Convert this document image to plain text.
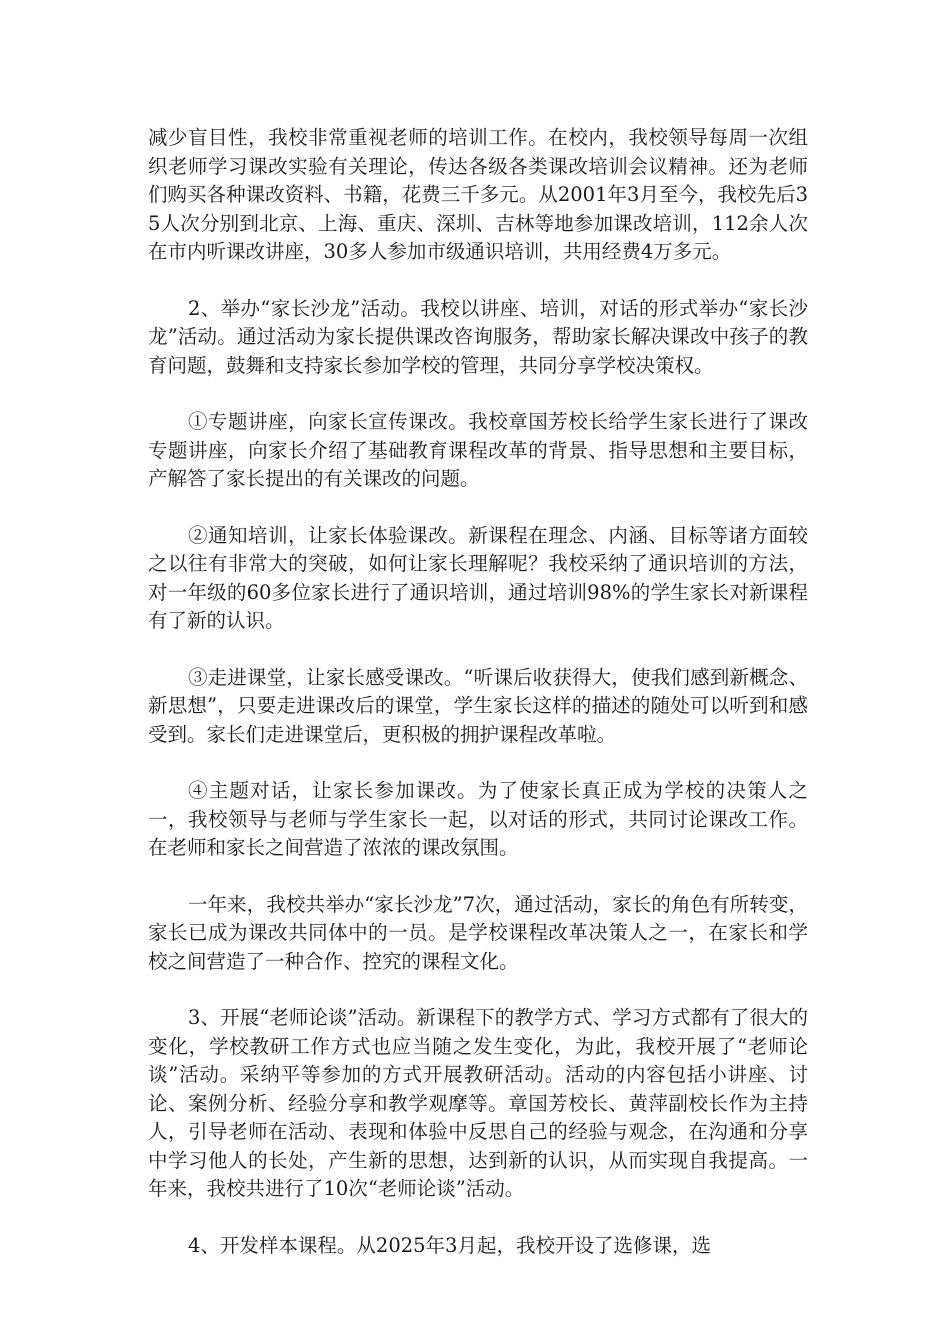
减少盲目性，我校非常重视老师的培训工作。在校内，我校领导每周一次组织老师学习课改实验有关理论，传达各级各类课改培训会议精神。还为老师们购买各种课改资料、书籍，花费三千多元。从2001年3月至今，我校先后35人次分别到北京、上海、重庆、深圳、吉林等地参加课改培训，112余人次在市内听课改讲座，30多人参加市级通识培训，共用经费4万多元。

2、举办“家长沙龙”活动。我校以讲座、培训，对话的形式举办“家长沙龙”活动。通过活动为家长提供课改咨询服务，帮助家长解决课改中孩子的教育问题，鼓舞和支持家长参加学校的管理，共同分享学校决策权。

①专题讲座，向家长宣传课改。我校章国芳校长给学生家长进行了课改专题讲座，向家长介绍了基础教育课程改革的背景、指导思想和主要目标，产解答了家长提出的有关课改的问题。

②通知培训，让家长体验课改。新课程在理念、内涵、目标等诸方面较之以往有非常大的突破，如何让家长理解呢？我校采纳了通识培训的方法，对一年级的60多位家长进行了通识培训，通过培训98%的学生家长对新课程有了新的认识。

③走进课堂，让家长感受课改。“听课后收获得大，使我们感到新概念、新思想”，只要走进课改后的课堂，学生家长这样的描述的随处可以听到和感受到。家长们走进课堂后，更积极的拥护课程改革啦。

④主题对话，让家长参加课改。为了使家长真正成为学校的决策人之一，我校领导与老师与学生家长一起，以对话的形式，共同讨论课改工作。在老师和家长之间营造了浓浓的课改氛围。

一年来，我校共举办“家长沙龙”7次，通过活动，家长的角色有所转变，家长已成为课改共同体中的一员。是学校课程改革决策人之一，在家长和学校之间营造了一种合作、控究的课程文化。

3、开展“老师论谈”活动。新课程下的教学方式、学习方式都有了很大的变化，学校教研工作方式也应当随之发生变化，为此，我校开展了“老师论谈”活动。采纳平等参加的方式开展教研活动。活动的内容包括小讲座、讨论、案例分析、经验分享和教学观摩等。章国芳校长、黄萍副校长作为主持人，引导老师在活动、表现和体验中反思自己的经验与观念，在沟通和分享中学习他人的长处，产生新的思想，达到新的认识，从而实现自我提高。一年来，我校共进行了10次“老师论谈”活动。

4、开发样本课程。从2025年3月起，我校开设了选修课，选
